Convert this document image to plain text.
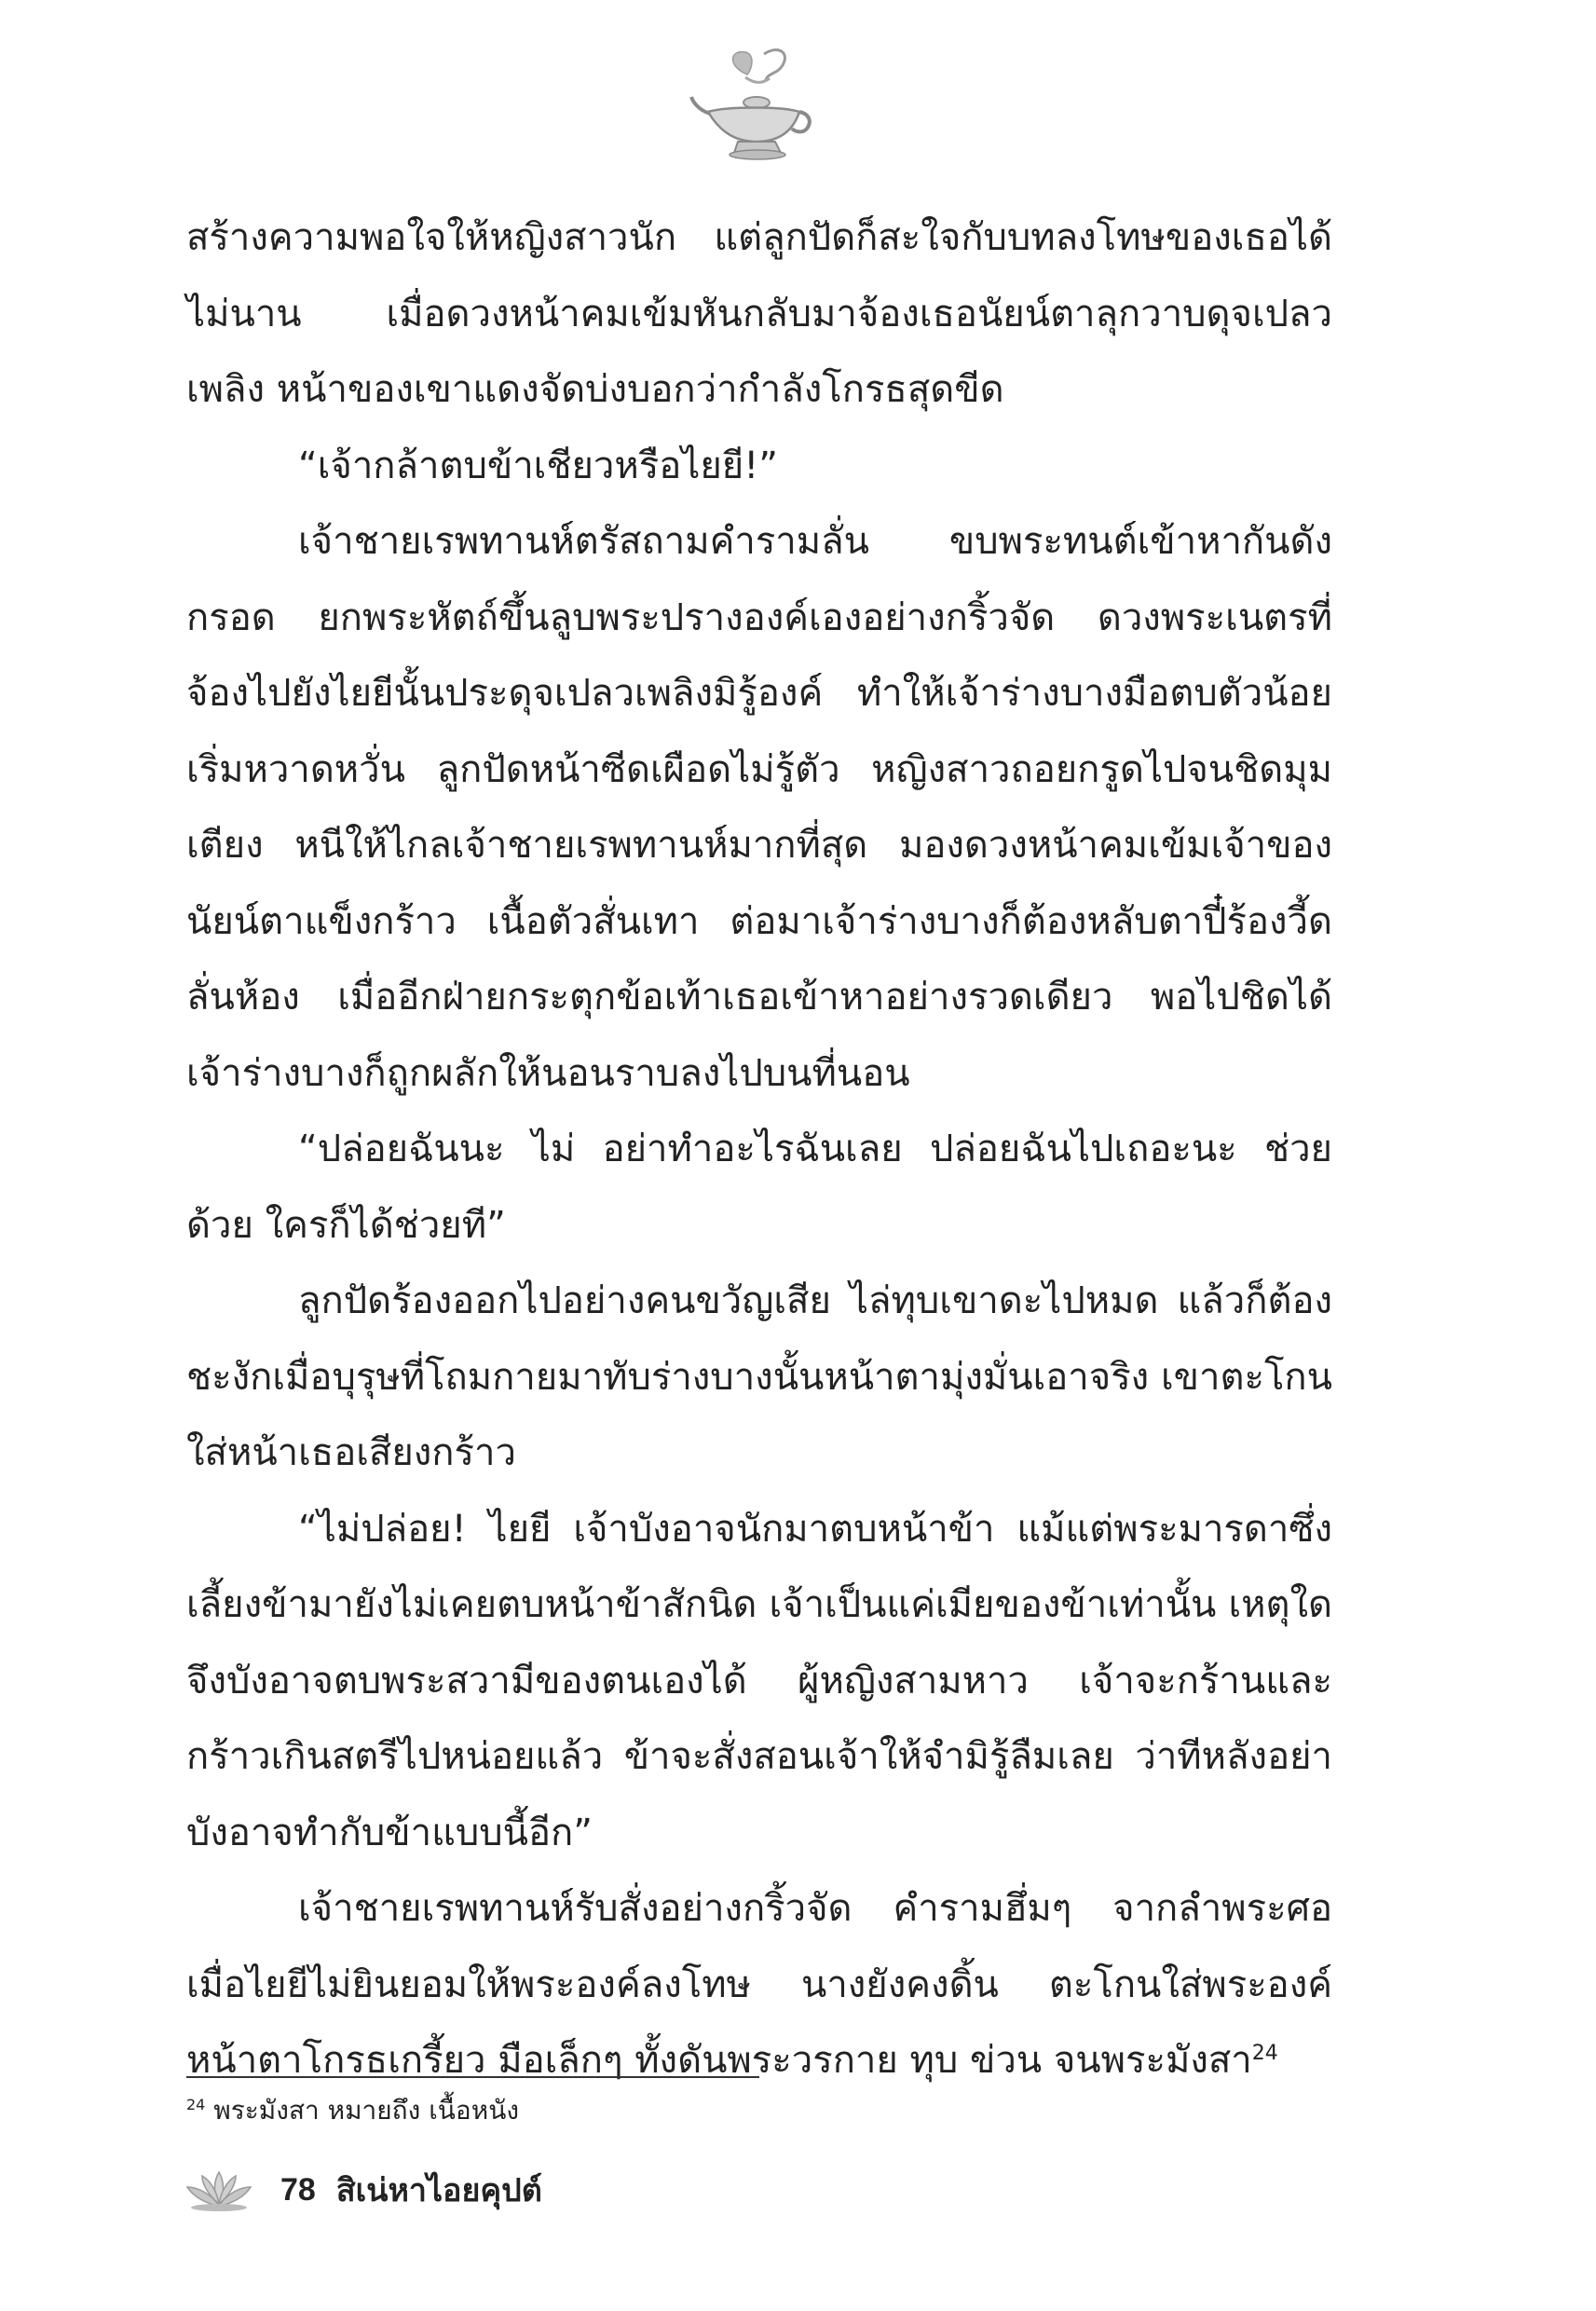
สร้างความพอใจให้หญิงสาวนัก แต่ลูกปัดก็สะใจกับบทลงโทษของเธอได้ไม่นาน เมื่อดวงหน้าคมเข้มหันกลับมาจ้องเธอนัยน์ตาลุกวาบดุจเปลวเพลิง หน้าของเขาแดงจัดบ่งบอกว่ากำลังโกรธสุดขีด

“เจ้ากล้าตบข้าเชียวหรือไยยี!”

เจ้าชายเรพทานห์ตรัสถามคำรามลั่น ขบพระทนต์เข้าหากันดังกรอด ยกพระหัตถ์ขึ้นลูบพระปรางองค์เองอย่างกริ้วจัด ดวงพระเนตรที่จ้องไปยังไยยีนั้นประดุจเปลวเพลิงมิรู้องค์ ทำให้เจ้าร่างบางมือตบตัวน้อยเริ่มหวาดหวั่น ลูกปัดหน้าซีดเผือดไม่รู้ตัว หญิงสาวถอยกรูดไปจนชิดมุมเตียง หนีให้ไกลเจ้าชายเรพทานห์มากที่สุด มองดวงหน้าคมเข้มเจ้าของนัยน์ตาแข็งกร้าว เนื้อตัวสั่นเทา ต่อมาเจ้าร่างบางก็ต้องหลับตาปี๋ร้องวี้ดลั่นห้อง เมื่ออีกฝ่ายกระตุกข้อเท้าเธอเข้าหาอย่างรวดเดียว พอไปชิดได้เจ้าร่างบางก็ถูกผลักให้นอนราบลงไปบนที่นอน

“ปล่อยฉันนะ ไม่ อย่าทำอะไรฉันเลย ปล่อยฉันไปเถอะนะ ช่วยด้วย ใครก็ได้ช่วยที”

ลูกปัดร้องออกไปอย่างคนขวัญเสีย ไล่ทุบเขาดะไปหมด แล้วก็ต้องชะงักเมื่อบุรุษที่โถมกายมาทับร่างบางนั้นหน้าตามุ่งมั่นเอาจริง เขาตะโกนใส่หน้าเธอเสียงกร้าว

“ไม่ปล่อย! ไยยี เจ้าบังอาจนักมาตบหน้าข้า แม้แต่พระมารดาซึ่งเลี้ยงข้ามายังไม่เคยตบหน้าข้าสักนิด เจ้าเป็นแค่เมียของข้าเท่านั้น เหตุใดจึงบังอาจตบพระสวามีของตนเองได้ ผู้หญิงสามหาว เจ้าจะกร้านและกร้าวเกินสตรีไปหน่อยแล้ว ข้าจะสั่งสอนเจ้าให้จำมิรู้ลืมเลย ว่าทีหลังอย่าบังอาจทำกับข้าแบบนี้อีก”

เจ้าชายเรพทานห์รับสั่งอย่างกริ้วจัด คำรามฮึ่มๆ จากลำพระศอ เมื่อไยยีไม่ยินยอมให้พระองค์ลงโทษ นางยังคงดิ้น ตะโกนใส่พระองค์หน้าตาโกรธเกรี้ยว มือเล็กๆ ทั้งดันพระวรกาย ทุบ ข่วน จนพระมังสา$^{24}$

$^{24}$ พระมังสา หมายถึง เนื้อหนัง
78 สิเน่หาไอยคุปต์
